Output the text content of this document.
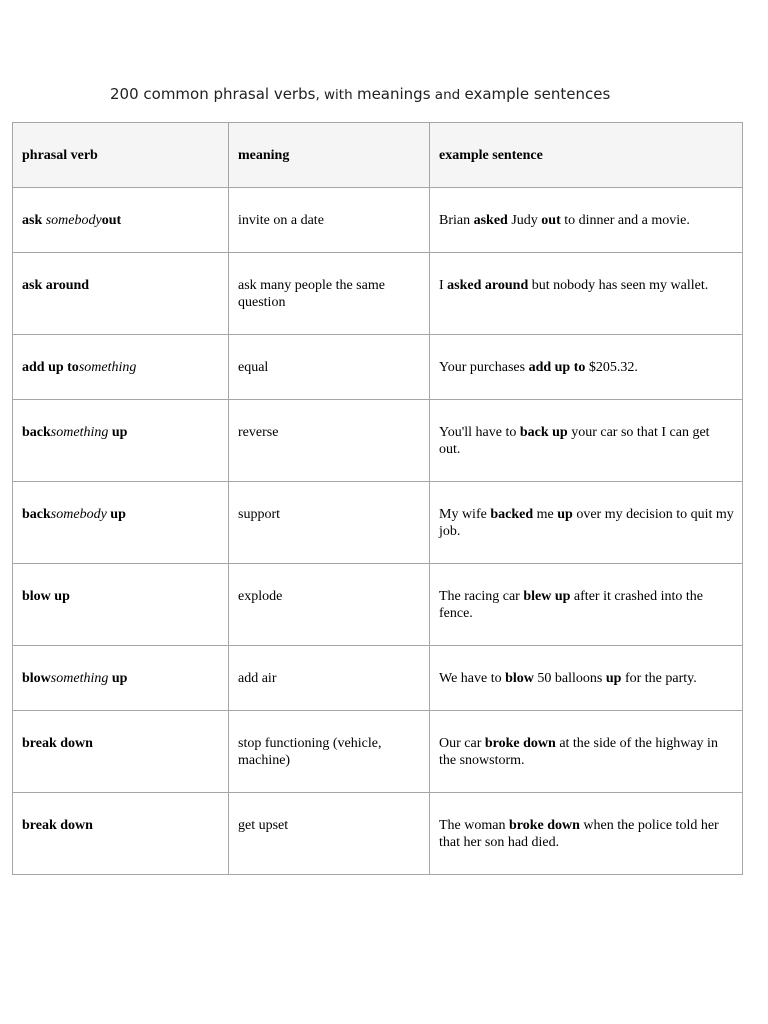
200 common phrasal verbs, with meanings and example sentences

phrasal verb	meaning	example sentence
ask somebodyout	invite on a date	Brian asked Judy out to dinner and a movie.
ask around	ask many people the same question	I asked around but nobody has seen my wallet.
add up tosomething	equal	Your purchases add up to $205.32.
backsomething up	reverse	You'll have to back up your car so that I can get out.
backsomebody up	support	My wife backed me up over my decision to quit my job.
blow up	explode	The racing car blew up after it crashed into the fence.
blowsomething up	add air	We have to blow 50 balloons up for the party.
break down	stop functioning (vehicle, machine)	Our car broke down at the side of the highway in the snowstorm.
break down	get upset	The woman broke down when the police told her that her son had died.
